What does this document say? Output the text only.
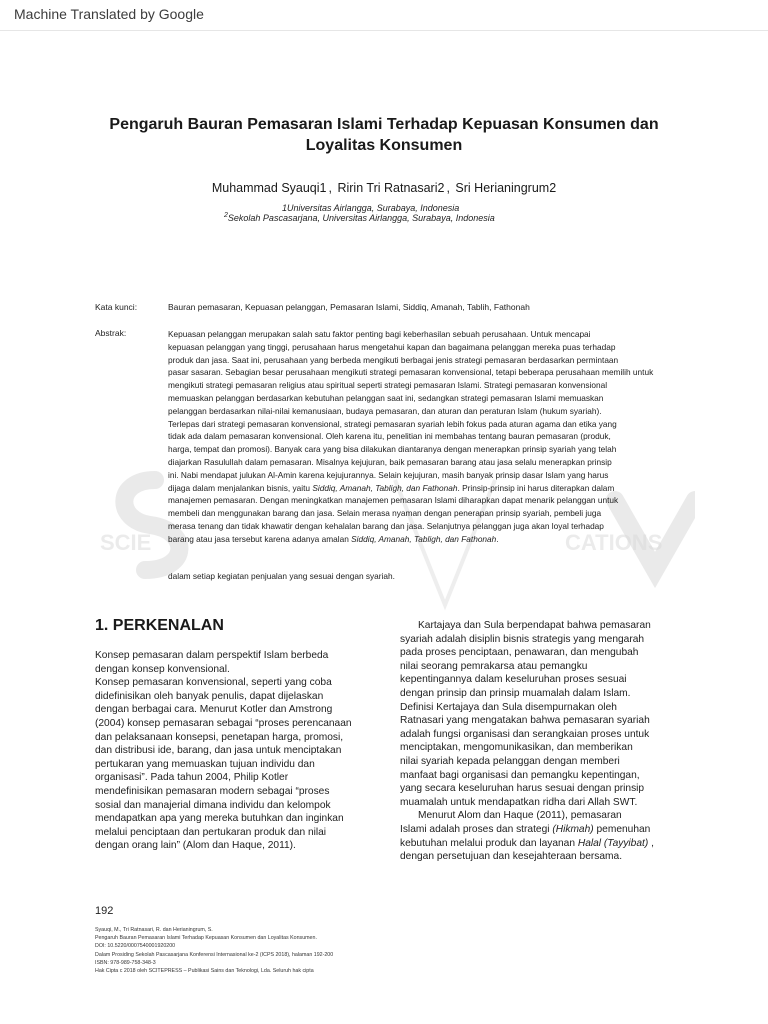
Machine Translated by Google
SCIE	CATIONS
Pengaruh Bauran Pemasaran Islami Terhadap Kepuasan Konsumen dan
Loyalitas Konsumen
Muhammad Syauqi1 , Ririn Tri Ratnasari2 , Sri Herianingrum2
1Universitas Airlangga, Surabaya, Indonesia
$^2$Sekolah Pascasarjana, Universitas Airlangga, Surabaya, Indonesia
Kata kunci:	Bauran pemasaran, Kepuasan pelanggan, Pemasaran Islami, Siddiq, Amanah, Tablih, Fathonah
Abstrak:	Kepuasan pelanggan merupakan salah satu faktor penting bagi keberhasilan sebuah perusahaan. Untuk mencapai

kepuasan pelanggan yang tinggi, perusahaan harus mengetahui kapan dan bagaimana pelanggan mereka puas terhadap

produk dan jasa. Saat ini, perusahaan yang berbeda mengikuti berbagai jenis strategi pemasaran berdasarkan permintaan

pasar sasaran. Sebagian besar perusahaan mengikuti strategi pemasaran konvensional, tetapi beberapa perusahaan memilih untuk

mengikuti strategi pemasaran religius atau spiritual seperti strategi pemasaran Islami. Strategi pemasaran konvensional

memuaskan pelanggan berdasarkan kebutuhan pelanggan saat ini, sedangkan strategi pemasaran Islami memuaskan

pelanggan berdasarkan nilai-nilai kemanusiaan, budaya pemasaran, dan aturan dan peraturan Islam (hukum syariah).

Terlepas dari strategi pemasaran konvensional, strategi pemasaran syariah lebih fokus pada aturan agama dan etika yang

tidak ada dalam pemasaran konvensional. Oleh karena itu, penelitian ini membahas tentang bauran pemasaran (produk,

harga, tempat dan promosi). Banyak cara yang bisa dilakukan diantaranya dengan menerapkan prinsip syariah yang telah

diajarkan Rasulullah dalam pemasaran. Misalnya kejujuran, baik pemasaran barang atau jasa selalu menerapkan prinsip

ini. Nabi mendapat julukan Al-Amin karena kejujurannya. Selain kejujuran, masih banyak prinsip dasar Islam yang harus

dijaga dalam menjalankan bisnis, yaitu Siddiq, Amanah, Tabligh, dan Fathonah. Prinsip-prinsip ini harus diterapkan dalam

manajemen pemasaran. Dengan meningkatkan manajemen pemasaran Islami diharapkan dapat menarik pelanggan untuk

membeli dan menggunakan barang dan jasa. Selain merasa nyaman dengan penerapan prinsip syariah, pembeli juga

merasa tenang dan tidak khawatir dengan kehalalan barang dan jasa. Selanjutnya pelanggan juga akan loyal terhadap

barang atau jasa tersebut karena adanya amalan Siddiq, Amanah, Tabligh, dan Fathonah.

dalam setiap kegiatan penjualan yang sesuai dengan syariah.
1. PERKENALAN

Konsep pemasaran dalam perspektif Islam berbeda

dengan konsep konvensional.

Konsep pemasaran konvensional, seperti yang coba

didefinisikan oleh banyak penulis, dapat dijelaskan

dengan berbagai cara. Menurut Kotler dan Amstrong

(2004) konsep pemasaran sebagai “proses perencanaan

dan pelaksanaan konsepsi, penetapan harga, promosi,

dan distribusi ide, barang, dan jasa untuk menciptakan

pertukaran yang memuaskan tujuan individu dan

organisasi”. Pada tahun 2004, Philip Kotler

mendefinisikan pemasaran modern sebagai “proses

sosial dan manajerial dimana individu dan kelompok

mendapatkan apa yang mereka butuhkan dan inginkan

melalui penciptaan dan pertukaran produk dan nilai

dengan orang lain” (Alom dan Haque, 2011).

Kartajaya dan Sula berpendapat bahwa pemasaran

syariah adalah disiplin bisnis strategis yang mengarah

pada proses penciptaan, penawaran, dan mengubah

nilai seorang pemrakarsa atau pemangku

kepentingannya dalam keseluruhan proses sesuai

dengan prinsip dan prinsip muamalah dalam Islam.

Definisi Kertajaya dan Sula disempurnakan oleh

Ratnasari yang mengatakan bahwa pemasaran syariah

adalah fungsi organisasi dan serangkaian proses untuk

menciptakan, mengomunikasikan, dan memberikan

nilai syariah kepada pelanggan dengan memberi

manfaat bagi organisasi dan pemangku kepentingan,

yang secara keseluruhan harus sesuai dengan prinsip

muamalah untuk mendapatkan ridha dari Allah SWT.

Menurut Alom dan Haque (2011), pemasaran

Islami adalah proses dan strategi (Hikmah) pemenuhan

kebutuhan melalui produk dan layanan Halal (Tayyibat) ,

dengan persetujuan dan kesejahteraan bersama.

192

Syauqi, M., Tri Ratnasari, R. dan Herianingrum, S.

Pengaruh Bauran Pemasaran Islami Terhadap Kepuasan Konsumen dan Loyalitas Konsumen.

DOI: 10.5220/0007540001920200

Dalam Prosiding Sekolah Pascasarjana Konferensi Internasional ke-2 (ICPS 2018), halaman 192-200

ISBN: 978-989-758-348-3

Hak Cipta c 2018 oleh SCITEPRESS – Publikasi Sains dan Teknologi, Lda. Seluruh hak cipta
